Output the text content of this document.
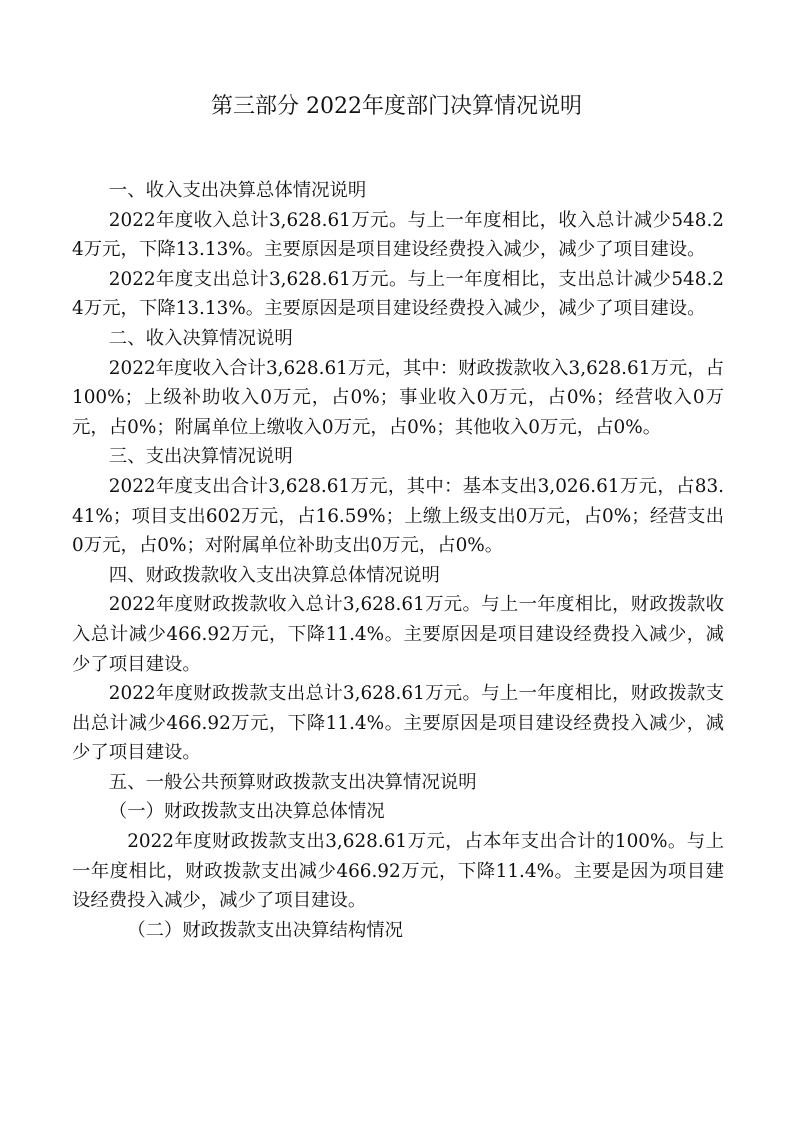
第三部分 2022年度部门决算情况说明

一、收入支出决算总体情况说明

2022年度收入总计3,628.61万元。与上一年度相比，收入总计减少548.24万元，下降13.13%。主要原因是项目建设经费投入减少，减少了项目建设。

2022年度支出总计3,628.61万元。与上一年度相比，支出总计减少548.24万元，下降13.13%。主要原因是项目建设经费投入减少，减少了项目建设。

二、收入决算情况说明

2022年度收入合计3,628.61万元，其中：财政拨款收入3,628.61万元，占100%；上级补助收入0万元，占0%；事业收入0万元，占0%；经营收入0万元，占0%；附属单位上缴收入0万元，占0%；其他收入0万元，占0%。

三、支出决算情况说明

2022年度支出合计3,628.61万元，其中：基本支出3,026.61万元，占83.41%；项目支出602万元，占16.59%；上缴上级支出0万元，占0%；经营支出0万元，占0%；对附属单位补助支出0万元，占0%。

四、财政拨款收入支出决算总体情况说明

2022年度财政拨款收入总计3,628.61万元。与上一年度相比，财政拨款收入总计减少466.92万元，下降11.4%。主要原因是项目建设经费投入减少，减少了项目建设。

2022年度财政拨款支出总计3,628.61万元。与上一年度相比，财政拨款支出总计减少466.92万元，下降11.4%。主要原因是项目建设经费投入减少，减少了项目建设。

五、一般公共预算财政拨款支出决算情况说明

（一）财政拨款支出决算总体情况

2022年度财政拨款支出3,628.61万元，占本年支出合计的100%。与上一年度相比，财政拨款支出减少466.92万元，下降11.4%。主要是因为项目建设经费投入减少，减少了项目建设。

（二）财政拨款支出决算结构情况
